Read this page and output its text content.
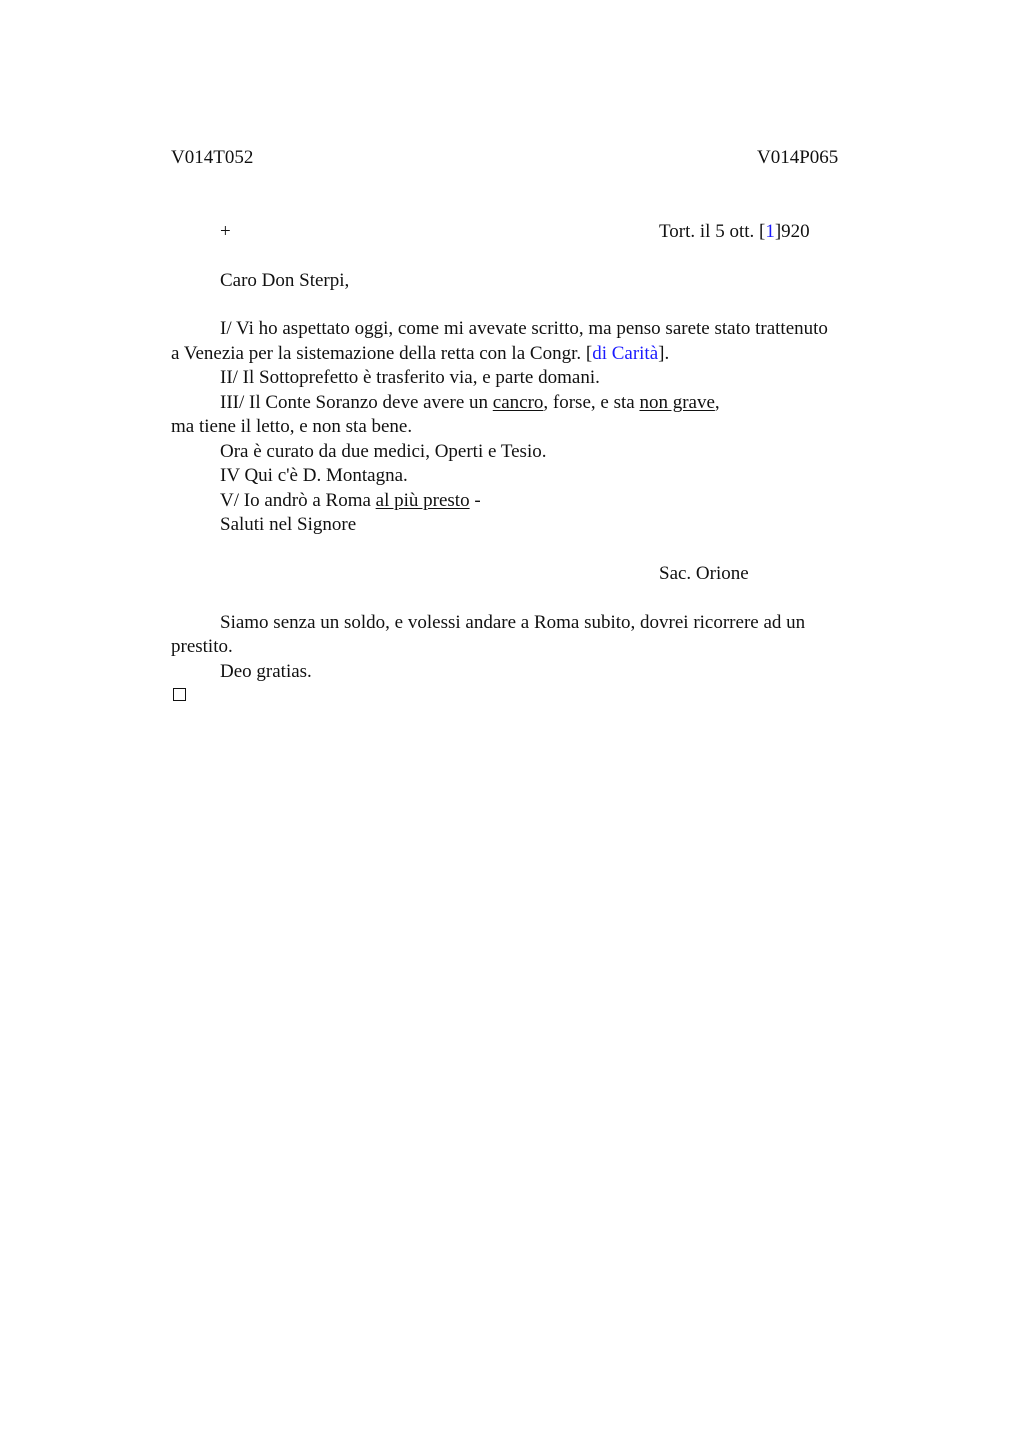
V014T052	V014P065
+	Tort. il 5 ott. [1]920
Caro Don Sterpi,
I/ Vi ho aspettato oggi, come mi avevate scritto, ma penso sarete stato trattenuto
a Venezia per la sistemazione della retta con la Congr. [di Carità].
II/ Il Sottoprefetto è trasferito via, e parte domani.
III/ Il Conte Soranzo deve avere un cancro, forse, e sta non grave,
ma tiene il letto, e non sta bene.
Ora è curato da due medici, Operti e Tesio.
IV Qui c'è D. Montagna.
V/ Io andrò a Roma al più presto -
Saluti nel Signore
Sac. Orione
Siamo senza un soldo, e volessi andare a Roma subito, dovrei ricorrere ad un
prestito.
Deo gratias.
